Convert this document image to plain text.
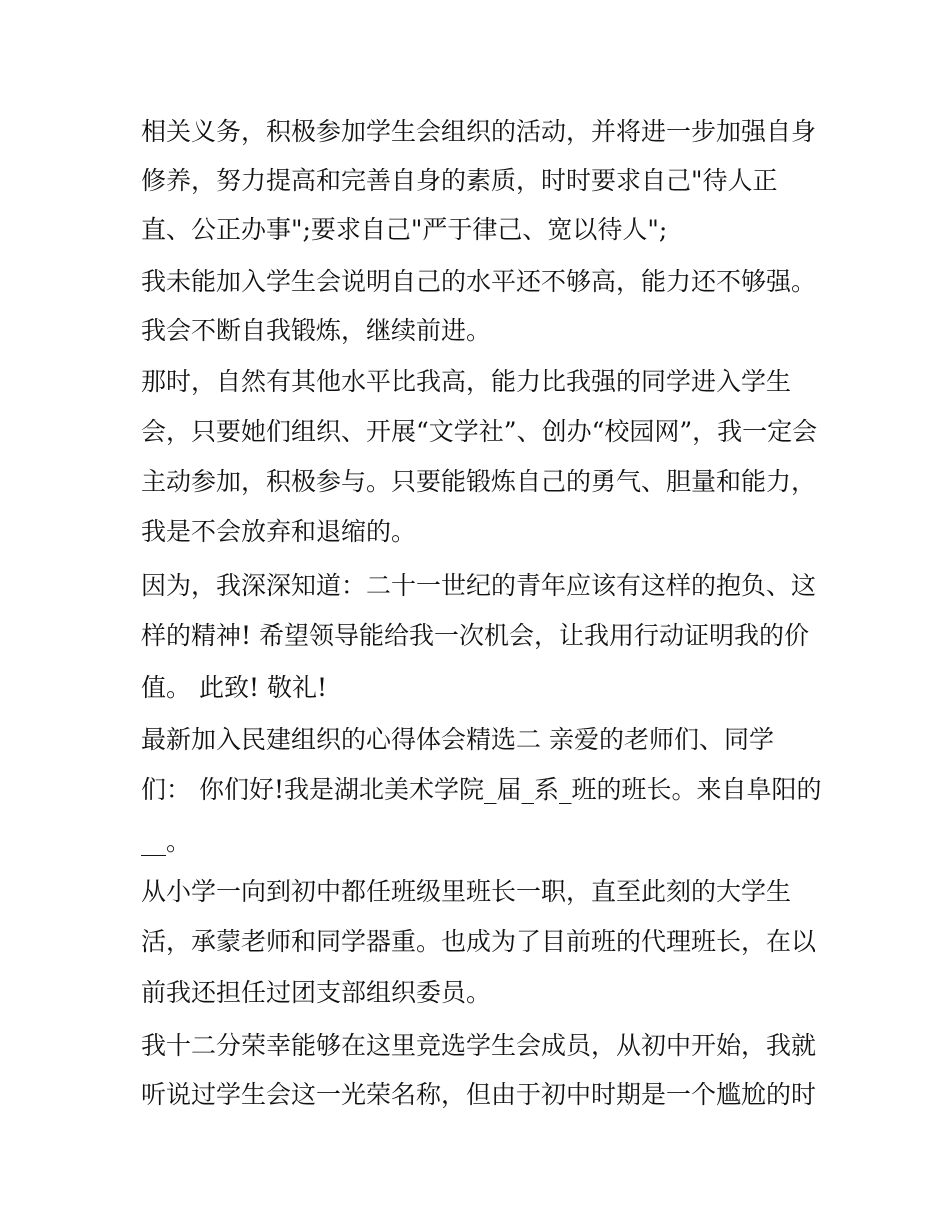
相关义务，积极参加学生会组织的活动，并将进一步加强自身
修养，努力提高和完善自身的素质，时时要求自己"待人正
直、公正办事";要求自己"严于律己、宽以待人";
我未能加入学生会说明自己的水平还不够高，能力还不够强。
我会不断自我锻炼，继续前进。
那时，自然有其他水平比我高，能力比我强的同学进入学生
会，只要她们组织、开展“文学社”、创办“校园网”，我一定会
主动参加，积极参与。只要能锻炼自己的勇气、胆量和能力，
我是不会放弃和退缩的。
因为，我深深知道：二十一世纪的青年应该有这样的抱负、这
样的精神! 希望领导能给我一次机会，让我用行动证明我的价
值。 此致! 敬礼!
最新加入民建组织的心得体会精选二 亲爱的老师们、同学
们： 你们好!我是湖北美术学院_届_系_班的班长。来自阜阳的
__。
从小学一向到初中都任班级里班长一职，直至此刻的大学生
活，承蒙老师和同学器重。也成为了目前班的代理班长，在以
前我还担任过团支部组织委员。
我十二分荣幸能够在这里竞选学生会成员，从初中开始，我就
听说过学生会这一光荣名称，但由于初中时期是一个尴尬的时
